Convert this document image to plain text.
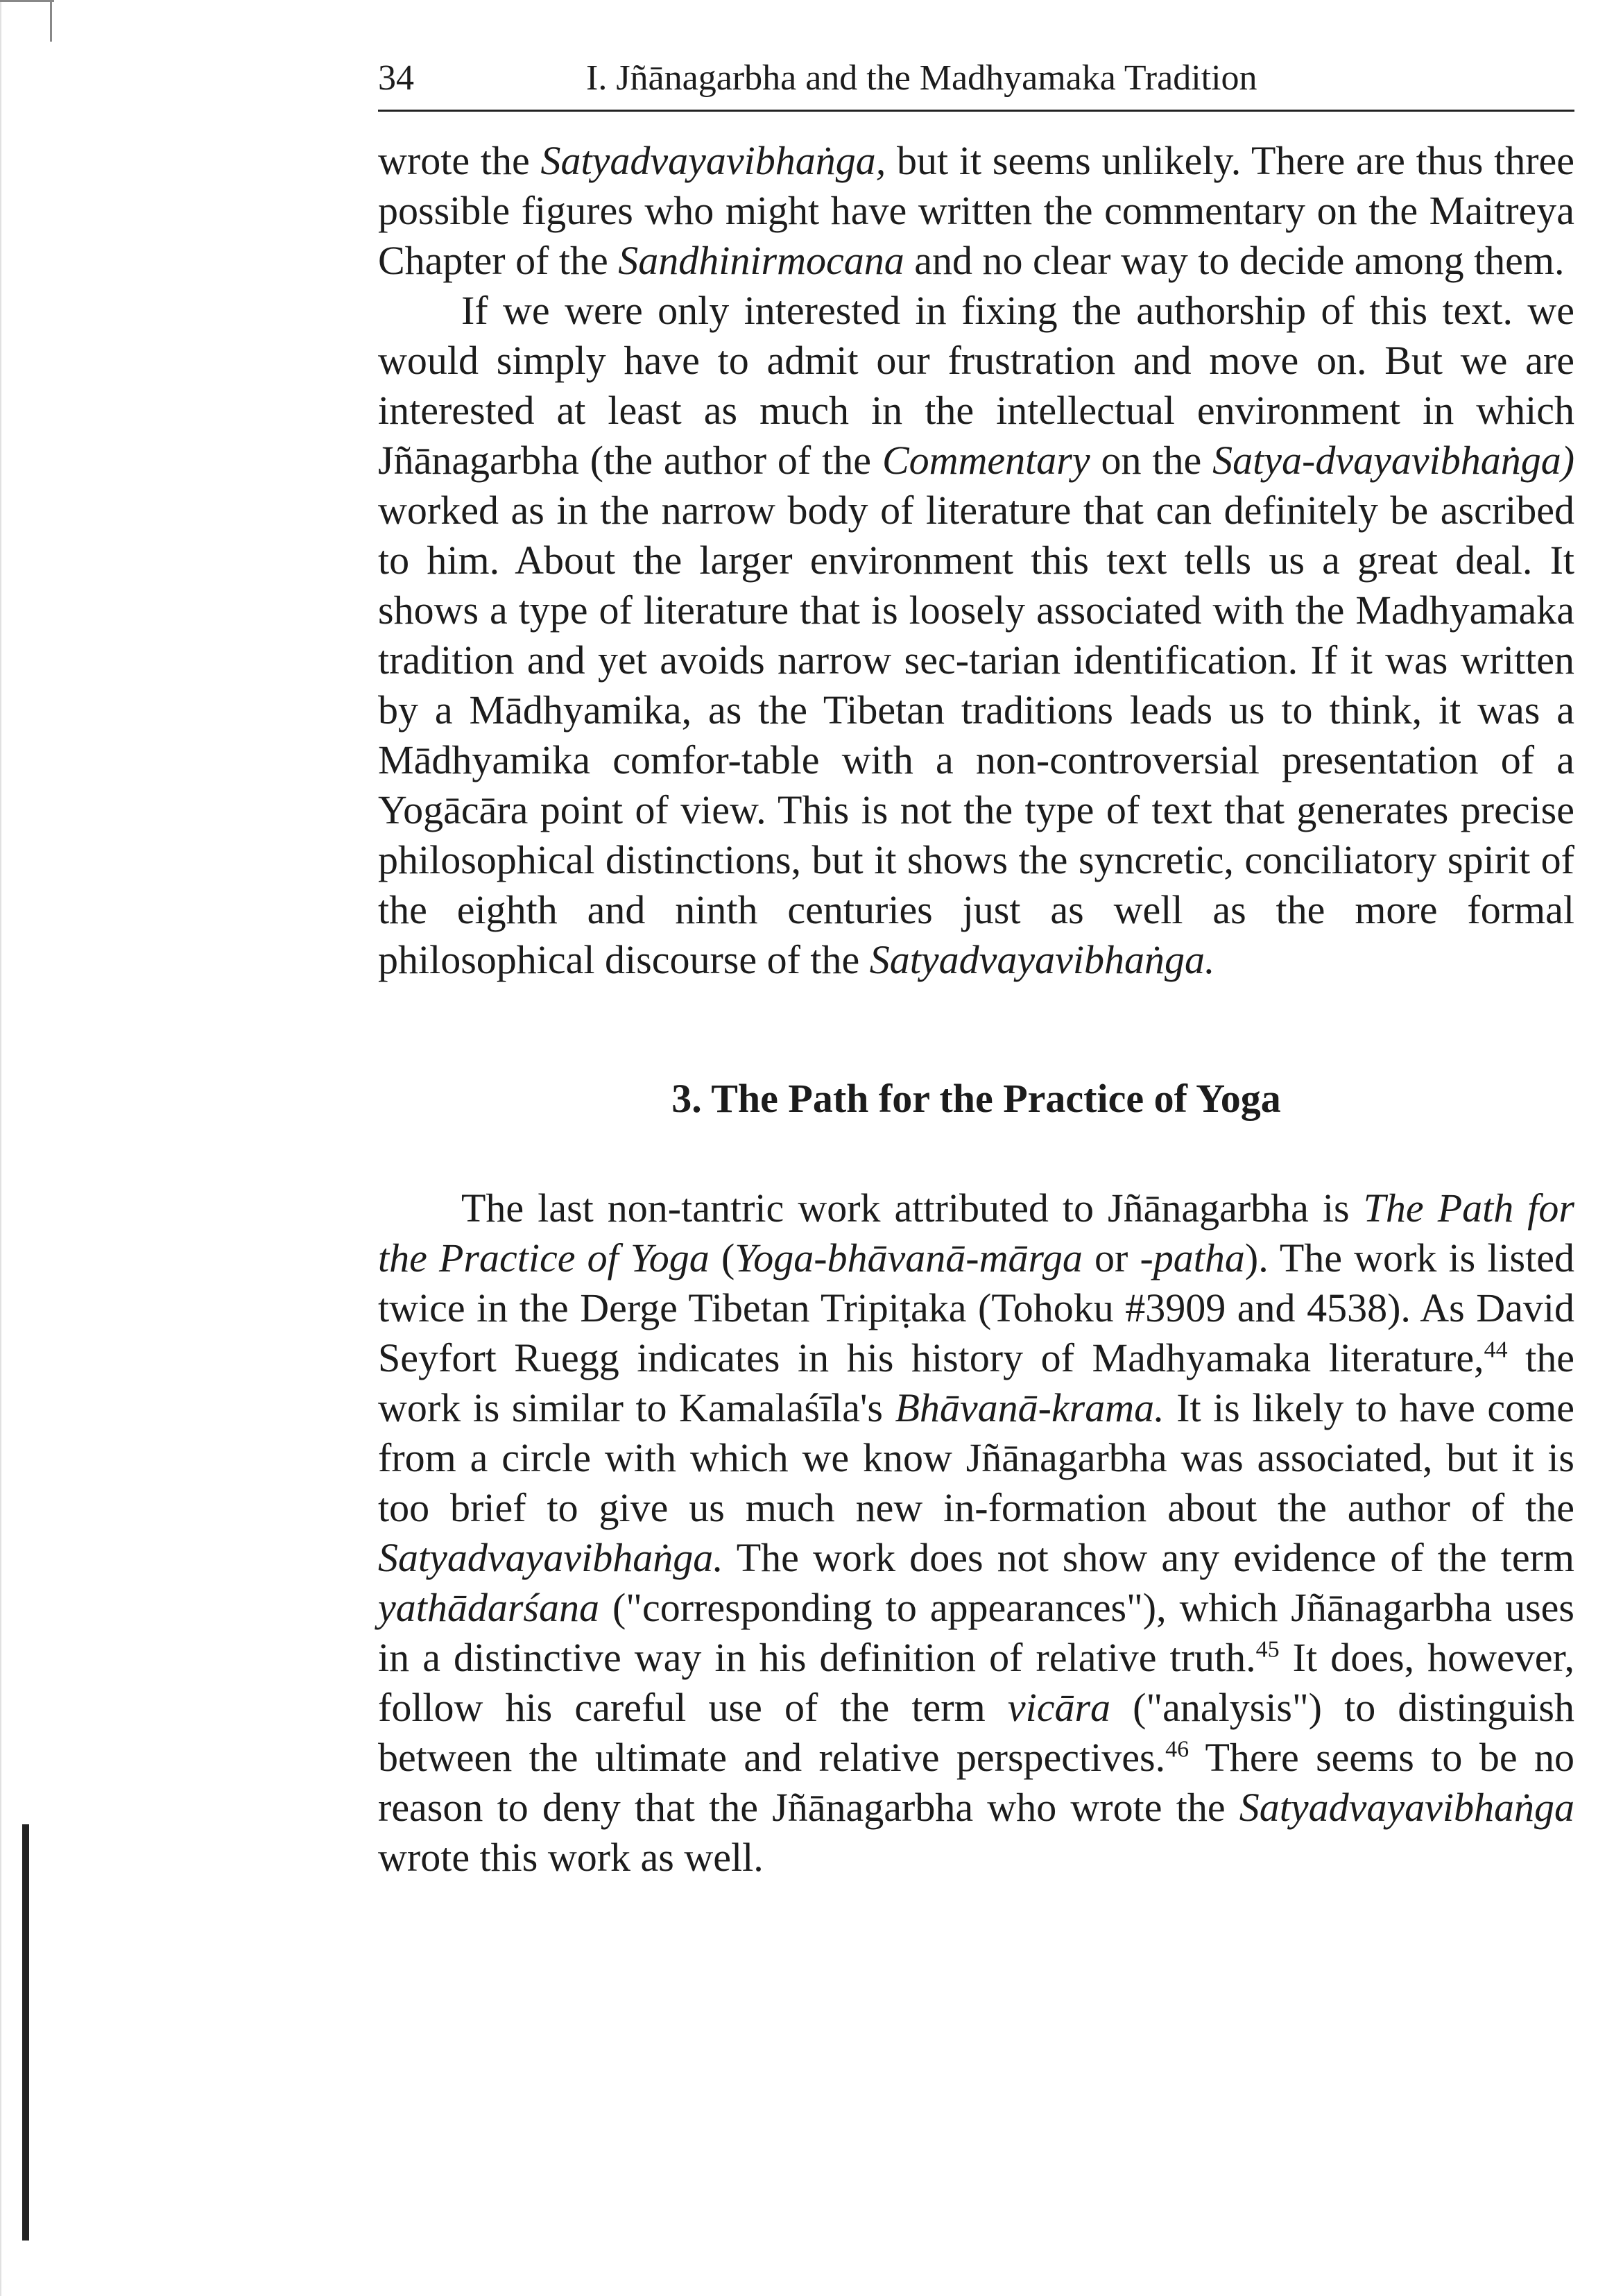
34	I. Jñānagarbha and the Madhyamaka Tradition

wrote the Satyadvayavibhaṅga, but it seems unlikely. There are thus three possible figures who might have written the commentary on the Maitreya Chapter of the Sandhinirmocana and no clear way to decide among them.

If we were only interested in fixing the authorship of this text. we would simply have to admit our frustration and move on. But we are interested at least as much in the intellectual environment in which Jñānagarbha (the author of the Commentary on the Satya-dvayavibhaṅga) worked as in the narrow body of literature that can definitely be ascribed to him. About the larger environment this text tells us a great deal. It shows a type of literature that is loosely associated with the Madhyamaka tradition and yet avoids narrow sec-tarian identification. If it was written by a Mādhyamika, as the Tibetan traditions leads us to think, it was a Mādhyamika comfor-table with a non-controversial presentation of a Yogācāra point of view. This is not the type of text that generates precise philosophical distinctions, but it shows the syncretic, conciliatory spirit of the eighth and ninth centuries just as well as the more formal philosophical discourse of the Satyadvayavibhaṅga.

3. The Path for the Practice of Yoga

The last non-tantric work attributed to Jñānagarbha is The Path for the Practice of Yoga (Yoga-bhāvanā-mārga or -patha). The work is listed twice in the Derge Tibetan Tripiṭaka (Tohoku #3909 and 4538). As David Seyfort Ruegg indicates in his history of Madhyamaka literature,$^{44}$ the work is similar to Kamalaśīla's Bhāvanā-krama. It is likely to have come from a circle with which we know Jñānagarbha was associated, but it is too brief to give us much new in-formation about the author of the Satyadvayavibhaṅga. The work does not show any evidence of the term yathādarśana ("corresponding to appearances"), which Jñānagarbha uses in a distinctive way in his definition of relative truth.$^{45}$ It does, however, follow his careful use of the term vicāra ("analysis") to distinguish between the ultimate and relative perspectives.$^{46}$ There seems to be no reason to deny that the Jñānagarbha who wrote the Satyadvayavibhaṅga wrote this work as well.
